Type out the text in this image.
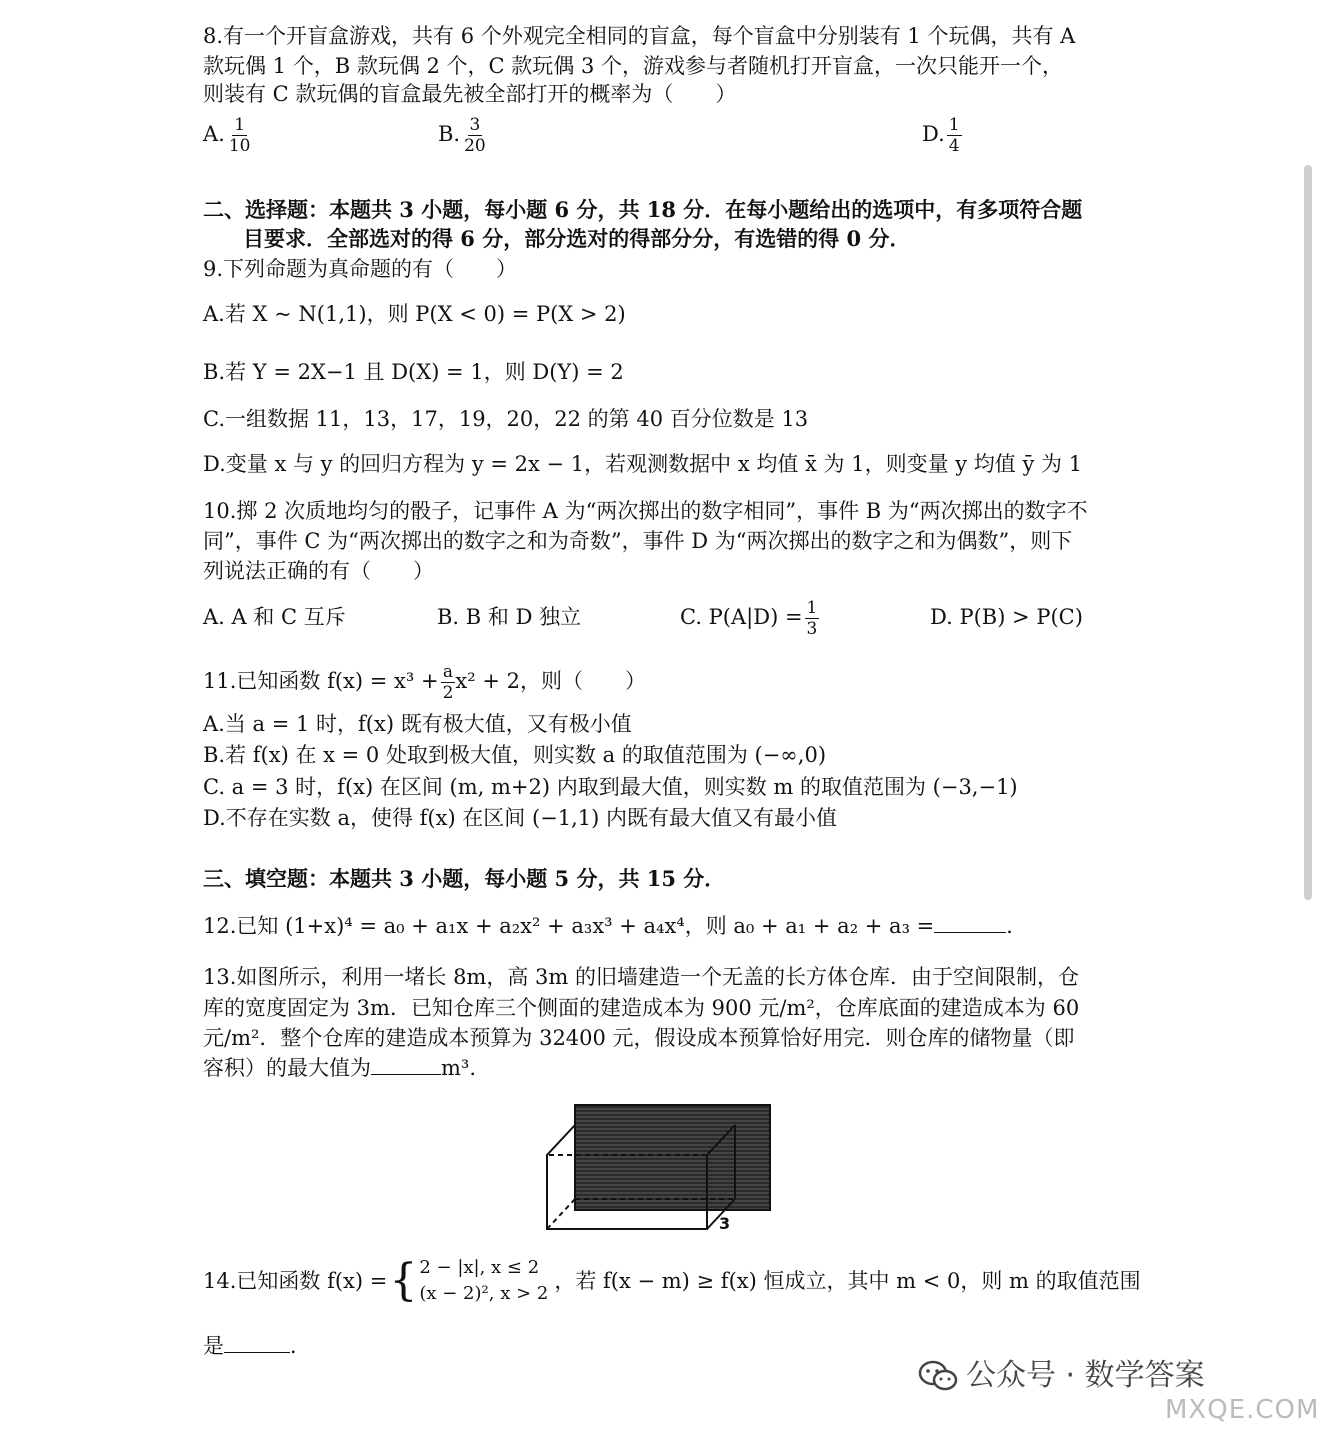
8.有一个开盲盒游戏，共有 6 个外观完全相同的盲盒，每个盲盒中分别装有 1 个玩偶，共有 A
款玩偶 1 个，B 款玩偶 2 个，C 款玩偶 3 个，游戏参与者随机打开盲盒，一次只能开一个，
则装有 C 款玩偶的盲盒最先被全部打开的概率为（　　）
A. $\frac{1}{10}$	B. $\frac{3}{20}$	D. $\frac{1}{4}$
二、选择题：本题共 3 小题，每小题 6 分，共 18 分．在每小题给出的选项中，有多项符合题
目要求．全部选对的得 6 分，部分选对的得部分分，有选错的得 0 分．
9.下列命题为真命题的有（　　）
A.若 X ~ N(1,1)，则 P(X < 0) = P(X > 2)
B.若 Y = 2X−1 且 D(X) = 1，则 D(Y) = 2
C.一组数据 11，13，17，19，20，22 的第 40 百分位数是 13
D.变量 x 与 y 的回归方程为 y = 2x − 1，若观测数据中 x 均值 x̄ 为 1，则变量 y 均值 ȳ 为 1
10.掷 2 次质地均匀的骰子，记事件 A 为“两次掷出的数字相同”，事件 B 为“两次掷出的数字不
同”，事件 C 为“两次掷出的数字之和为奇数”，事件 D 为“两次掷出的数字之和为偶数”，则下
列说法正确的有（　　）
A. A 和 C 互斥	B. B 和 D 独立	C. $P(A|D) = \frac{1}{3}$	D. P(B) > P(C)
11.已知函数 $f(x) = x^3 + \frac{a}{2} x^2 + 2$，则（　　）
A.当 a = 1 时，f(x) 既有极大值，又有极小值
B.若 f(x) 在 x = 0 处取到极大值，则实数 a 的取值范围为 (−∞,0)
C. a = 3 时，f(x) 在区间 (m, m+2) 内取到最大值，则实数 m 的取值范围为 (−3,−1)
D.不存在实数 a，使得 f(x) 在区间 (−1,1) 内既有最大值又有最小值
三、填空题：本题共 3 小题，每小题 5 分，共 15 分．
12.已知 (1+x)⁴ = a₀ + a₁x + a₂x² + a₃x³ + a₄x⁴，则 a₀ + a₁ + a₂ + a₃ =	．
13.如图所示，利用一堵长 8m，高 3m 的旧墙建造一个无盖的长方体仓库．由于空间限制，仓
库的宽度固定为 3m．已知仓库三个侧面的建造成本为 900 元/m²，仓库底面的建造成本为 60
元/m²．整个仓库的建造成本预算为 32400 元，假设成本预算恰好用完．则仓库的储物量（即
容积）的最大值为	m³.
3
14.已知函数 f(x) = { 2 − |x|, x ≤ 2
(x − 2)², x > 2
，若 f(x − m) ≥ f(x) 恒成立，其中 m < 0，则 m 的取值范围
是	．
公众号 · 数学答案
MXQE.COM
